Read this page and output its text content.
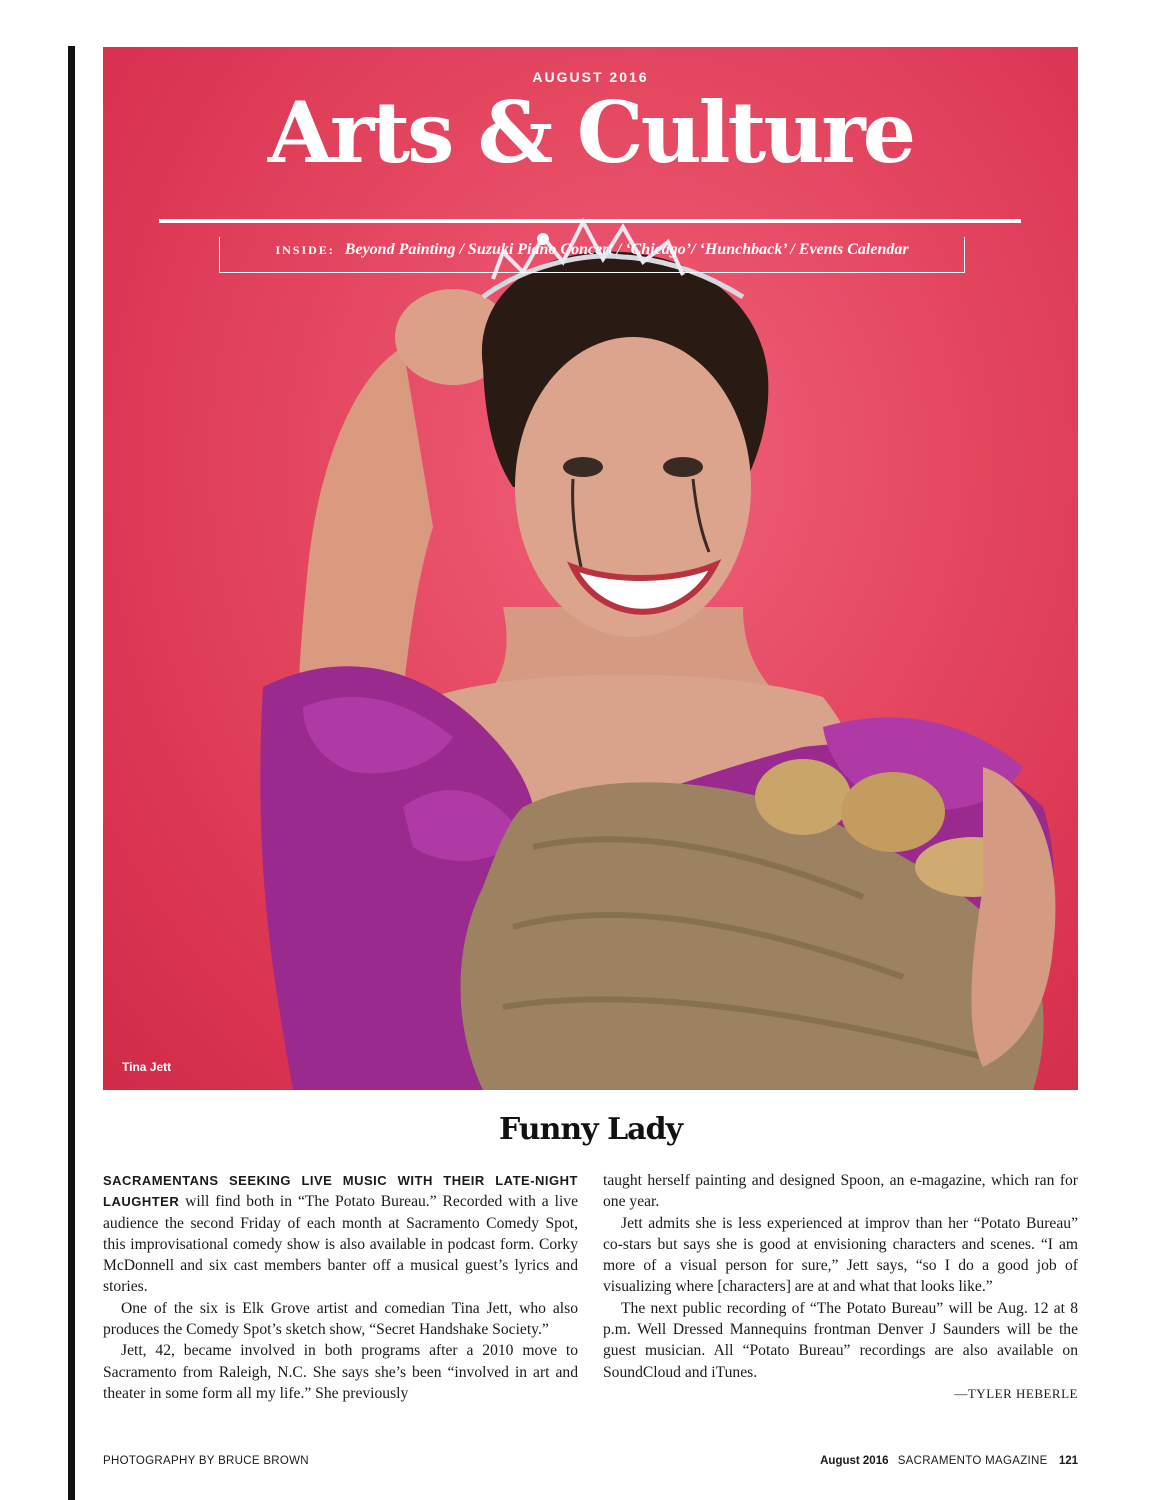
AUGUST 2016
Arts & Culture
INSIDE: Beyond Painting / Suzuki Piano Concert / ‘Chicago’/ ‘Hunchback’ / Events Calendar
Tina Jett
Funny Lady

SACRAMENTANS SEEKING LIVE MUSIC WITH THEIR LATE-NIGHT LAUGHTER will find both in “The Potato Bureau.” Recorded with a live audience the second Friday of each month at Sacramento Comedy Spot, this improvisational comedy show is also available in podcast form. Corky McDonnell and six cast members banter off a musical guest’s lyrics and stories.

One of the six is Elk Grove artist and comedian Tina Jett, who also produces the Comedy Spot’s sketch show, “Secret Handshake Society.”

Jett, 42, became involved in both programs after a 2010 move to Sacramento from Raleigh, N.C. She says she’s been “involved in art and theater in some form all my life.” She previously

taught herself painting and designed Spoon, an e-magazine, which ran for one year.

Jett admits she is less experienced at improv than her “Potato Bureau” co-stars but says she is good at envisioning characters and scenes. “I am more of a visual person for sure,” Jett says, “so I do a good job of visualizing where [characters] are at and what that looks like.”

The next public recording of “The Potato Bureau” will be Aug. 12 at 8 p.m. Well Dressed Mannequins frontman Denver J Saunders will be the guest musician. All “Potato Bureau” recordings are also available on SoundCloud and iTunes.

—TYLER HEBERLE

PHOTOGRAPHY BY BRUCE BROWN	August 2016 SACRAMENTO MAGAZINE 121
